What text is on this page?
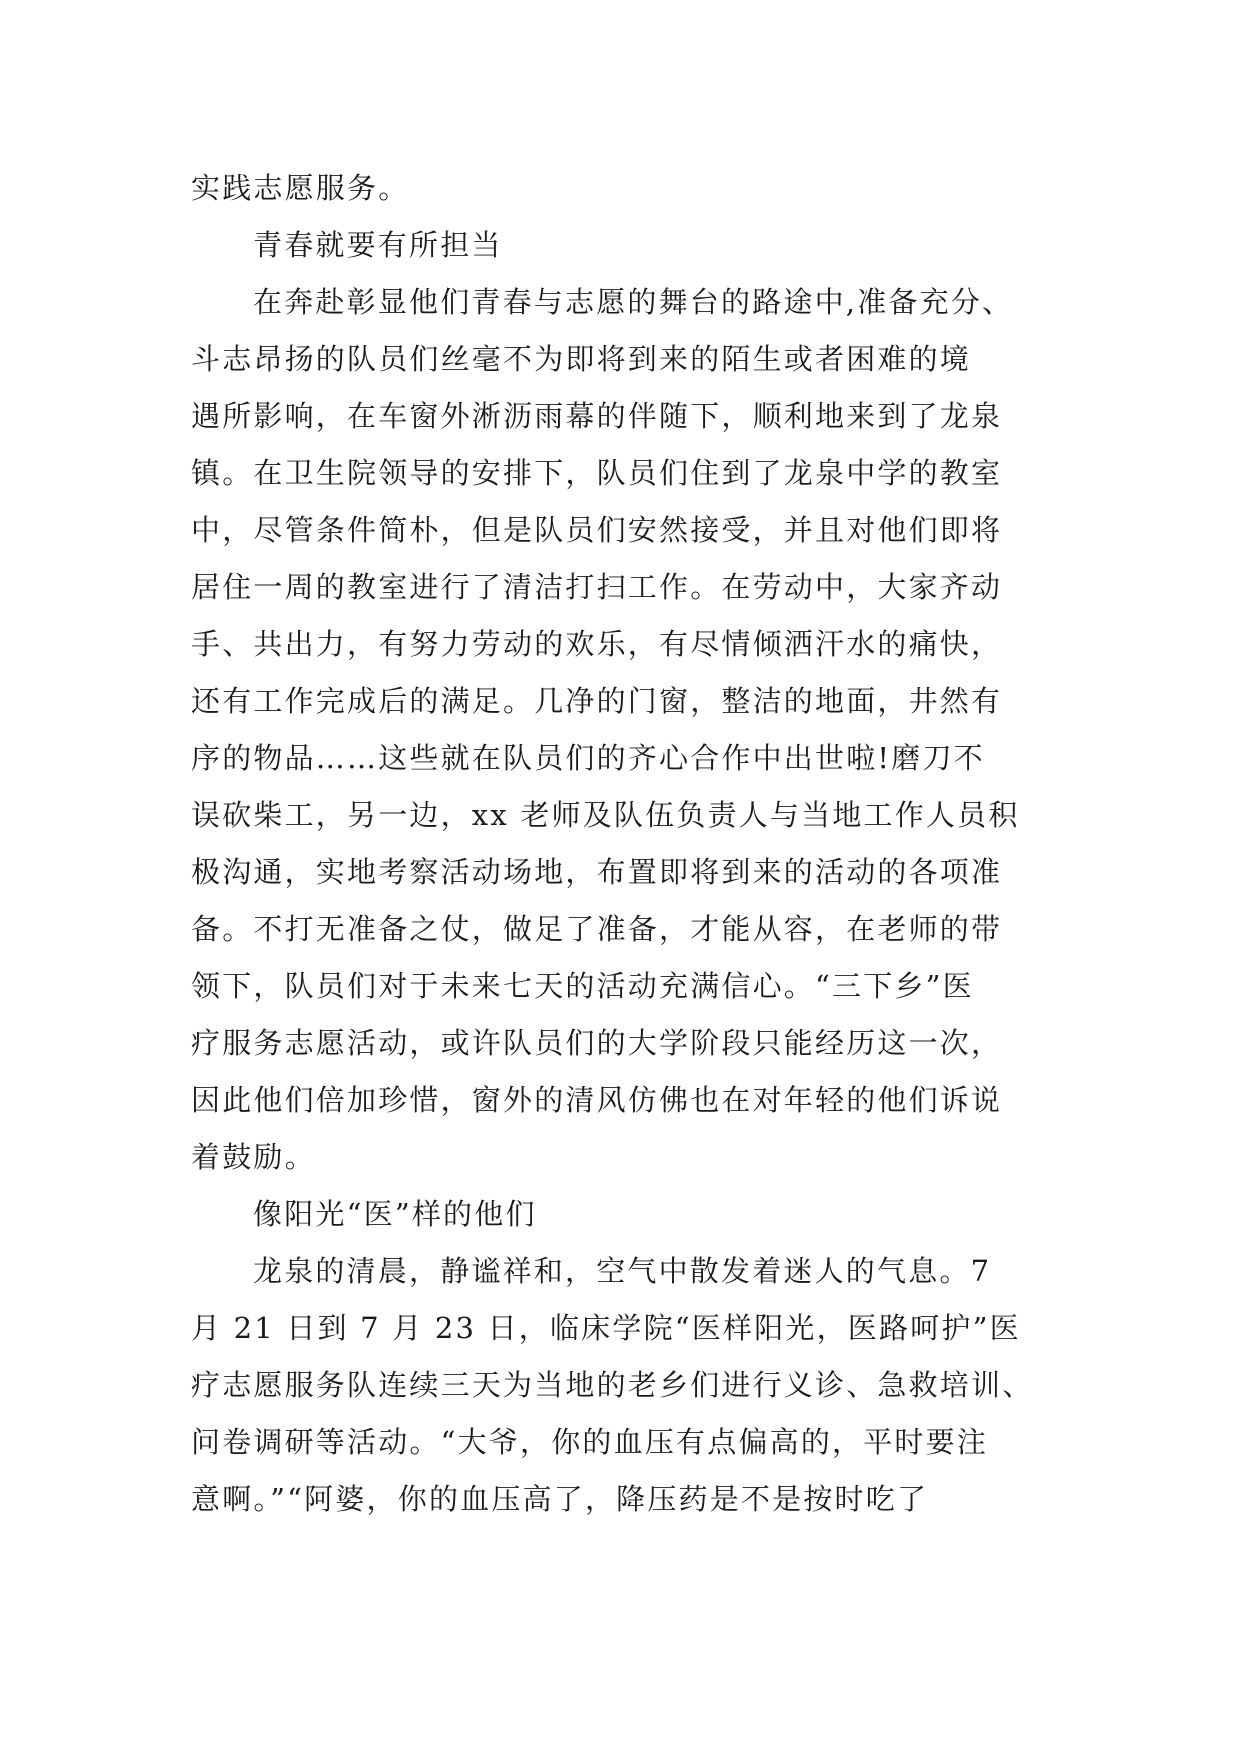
实践志愿服务。
青春就要有所担当
在奔赴彰显他们青春与志愿的舞台的路途中,准备充分、
斗志昂扬的队员们丝毫不为即将到来的陌生或者困难的境
遇所影响，在车窗外淅沥雨幕的伴随下，顺利地来到了龙泉
镇。在卫生院领导的安排下，队员们住到了龙泉中学的教室
中，尽管条件简朴，但是队员们安然接受，并且对他们即将
居住一周的教室进行了清洁打扫工作。在劳动中，大家齐动
手、共出力，有努力劳动的欢乐，有尽情倾洒汗水的痛快，
还有工作完成后的满足。几净的门窗，整洁的地面，井然有
序的物品……这些就在队员们的齐心合作中出世啦!磨刀不
误砍柴工，另一边，xx 老师及队伍负责人与当地工作人员积
极沟通，实地考察活动场地，布置即将到来的活动的各项准
备。不打无准备之仗，做足了准备，才能从容，在老师的带
领下，队员们对于未来七天的活动充满信心。“三下乡”医
疗服务志愿活动，或许队员们的大学阶段只能经历这一次，
因此他们倍加珍惜，窗外的清风仿佛也在对年轻的他们诉说
着鼓励。
像阳光“医”样的他们
龙泉的清晨，静谧祥和，空气中散发着迷人的气息。7
月 21 日到 7 月 23 日，临床学院“医样阳光，医路呵护”医
疗志愿服务队连续三天为当地的老乡们进行义诊、急救培训、
问卷调研等活动。“大爷，你的血压有点偏高的，平时要注
意啊。”“阿婆，你的血压高了，降压药是不是按时吃了
